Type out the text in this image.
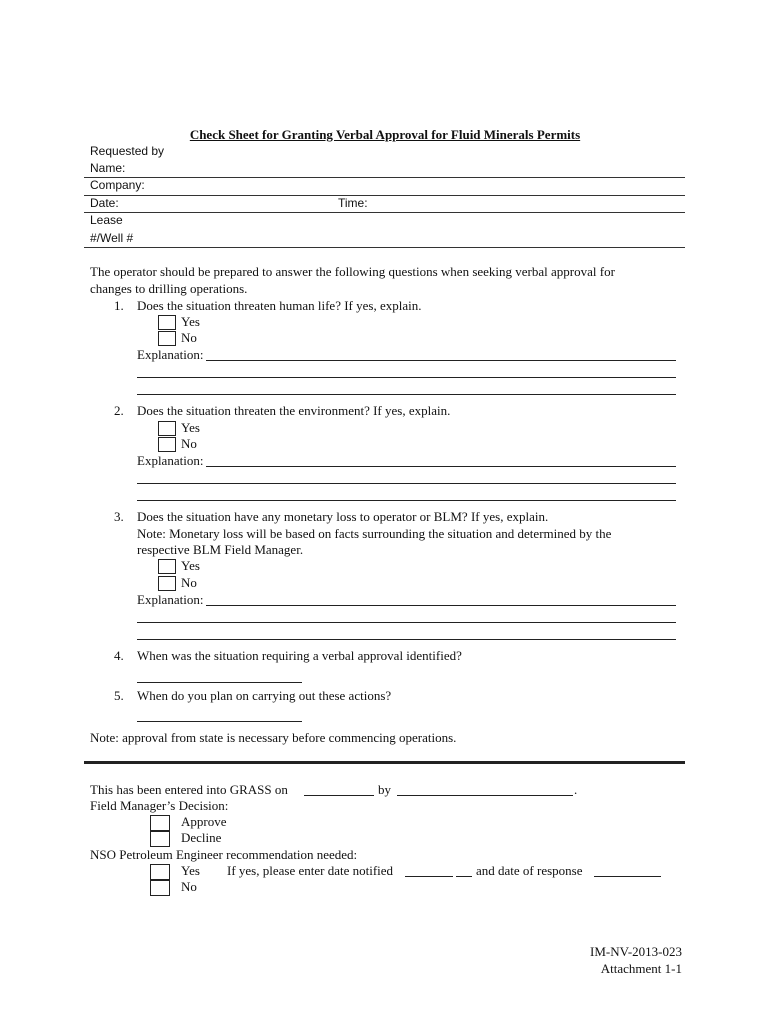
Check Sheet for Granting Verbal Approval for Fluid Minerals Permits
Requested by
Name:
Company:
Date:	Time:
Lease
#/Well #
The operator should be prepared to answer the following questions when seeking verbal approval for
changes to drilling operations.
1. Does the situation threaten human life? If yes, explain.
Yes
No
Explanation:
2. Does the situation threaten the environment? If yes, explain.
Yes
No
Explanation:
3. Does the situation have any monetary loss to operator or BLM? If yes, explain.
Note: Monetary loss will be based on facts surrounding the situation and determined by the
respective BLM Field Manager.
Yes
No
Explanation:
4. When was the situation requiring a verbal approval identified?
5. When do you plan on carrying out these actions?
Note: approval from state is necessary before commencing operations.
This has been entered into GRASS on	by	.
Field Manager’s Decision:
Approve
Decline
NSO Petroleum Engineer recommendation needed:
Yes If yes, please enter date notified	and date of response
No
IM-NV-2013-023
Attachment 1-1
